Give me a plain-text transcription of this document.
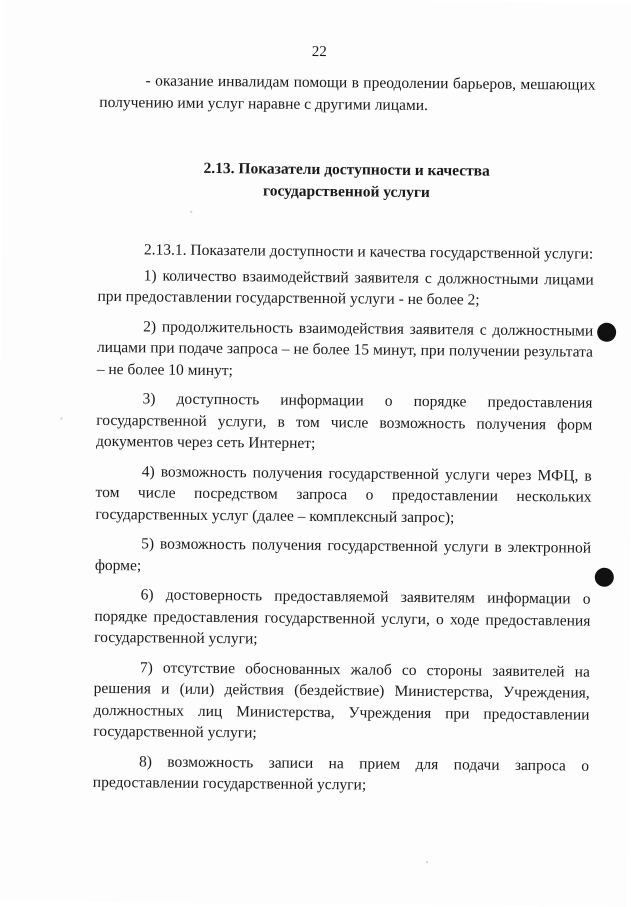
22

- оказание инвалидам помощи в преодолении барьеров, мешающих получению ими услуг наравне с другими лицами.

2.13. Показатели доступности и качества
государственной услуги

2.13.1. Показатели доступности и качества государственной услуги:

1) количество взаимодействий заявителя с должностными лицами при предоставлении государственной услуги - не более 2;

2) продолжительность взаимодействия заявителя с должностными лицами при подаче запроса – не более 15 минут, при получении результата – не более 10 минут;

3) доступность информации о порядке предоставления государственной услуги, в том числе возможность получения форм документов через сеть Интернет;

4) возможность получения государственной услуги через МФЦ, в том числе посредством запроса о предоставлении нескольких государственных услуг (далее – комплексный запрос);

5) возможность получения государственной услуги в электронной форме;

6) достоверность предоставляемой заявителям информации о порядке предоставления государственной услуги, о ходе предоставления государственной услуги;

7) отсутствие обоснованных жалоб со стороны заявителей на решения и (или) действия (бездействие) Министерства, Учреждения, должностных лиц Министерства, Учреждения при предоставлении государственной услуги;

8) возможность записи на прием для подачи запроса о предоставлении государственной услуги;
